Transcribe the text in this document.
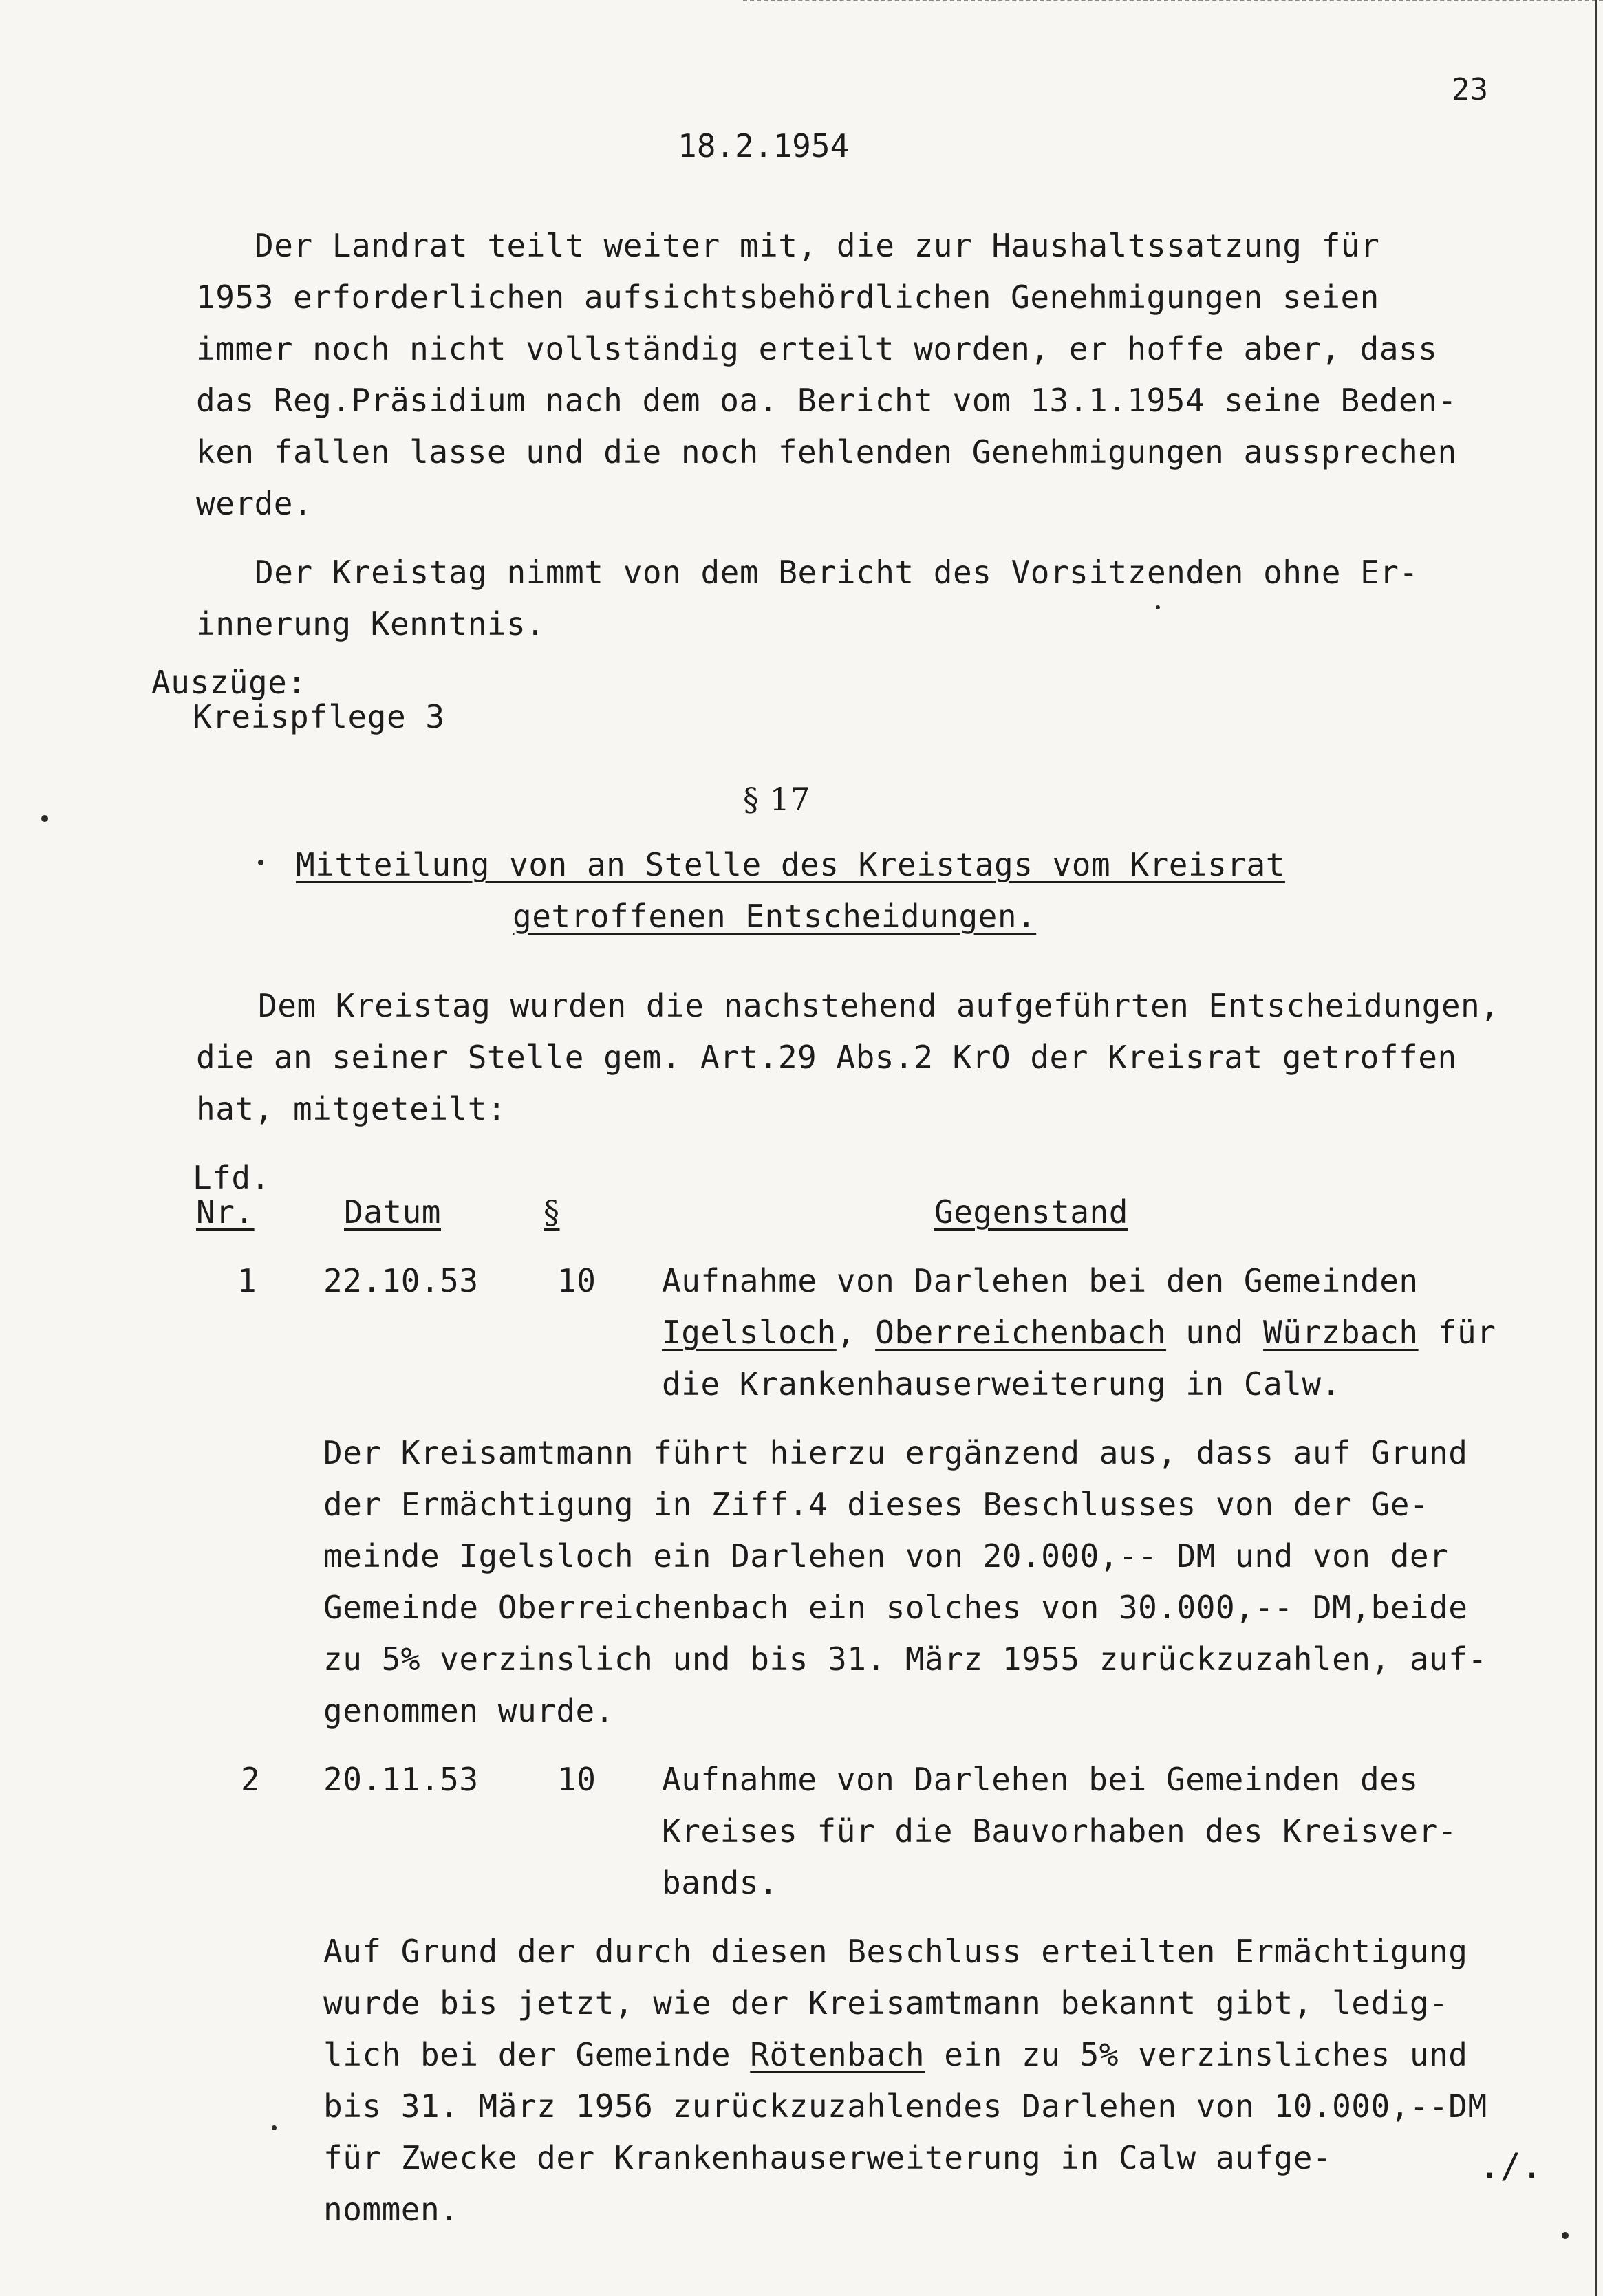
23
18.2.1954
Der Landrat teilt weiter mit, die zur Haushaltssatzung für
1953 erforderlichen aufsichtsbehördlichen Genehmigungen seien
immer noch nicht vollständig erteilt worden, er hoffe aber, dass
das Reg.Präsidium nach dem oa. Bericht vom 13.1.1954 seine Beden-
ken fallen lasse und die noch fehlenden Genehmigungen aussprechen
werde.
Der Kreistag nimmt von dem Bericht des Vorsitzenden ohne Er-
innerung Kenntnis.
Auszüge:
Kreispflege 3
§ 17
Mitteilung von an Stelle des Kreistags vom Kreisrat
getroffenen Entscheidungen.
Dem Kreistag wurden die nachstehend aufgeführten Entscheidungen,
die an seiner Stelle gem. Art.29 Abs.2 KrO der Kreisrat getroffen
hat, mitgeteilt:
Lfd.
Nr.	Datum	§	Gegenstand
1 22.10.53 10 Aufnahme von Darlehen bei den Gemeinden
Igelsloch, Oberreichenbach und Würzbach für
die Krankenhauserweiterung in Calw.
Der Kreisamtmann führt hierzu ergänzend aus, dass auf Grund
der Ermächtigung in Ziff.4 dieses Beschlusses von der Ge-
meinde Igelsloch ein Darlehen von 20.000,-- DM und von der
Gemeinde Oberreichenbach ein solches von 30.000,-- DM,beide
zu 5% verzinslich und bis 31. März 1955 zurückzuzahlen, auf-
genommen wurde.
2 20.11.53 10 Aufnahme von Darlehen bei Gemeinden des
Kreises für die Bauvorhaben des Kreisver-
bands.
Auf Grund der durch diesen Beschluss erteilten Ermächtigung
wurde bis jetzt, wie der Kreisamtmann bekannt gibt, ledig-
lich bei der Gemeinde Rötenbach ein zu 5% verzinsliches und
bis 31. März 1956 zurückzuzahlendes Darlehen von 10.000,--DM
für Zwecke der Krankenhauserweiterung in Calw aufge-
nommen.
./.
